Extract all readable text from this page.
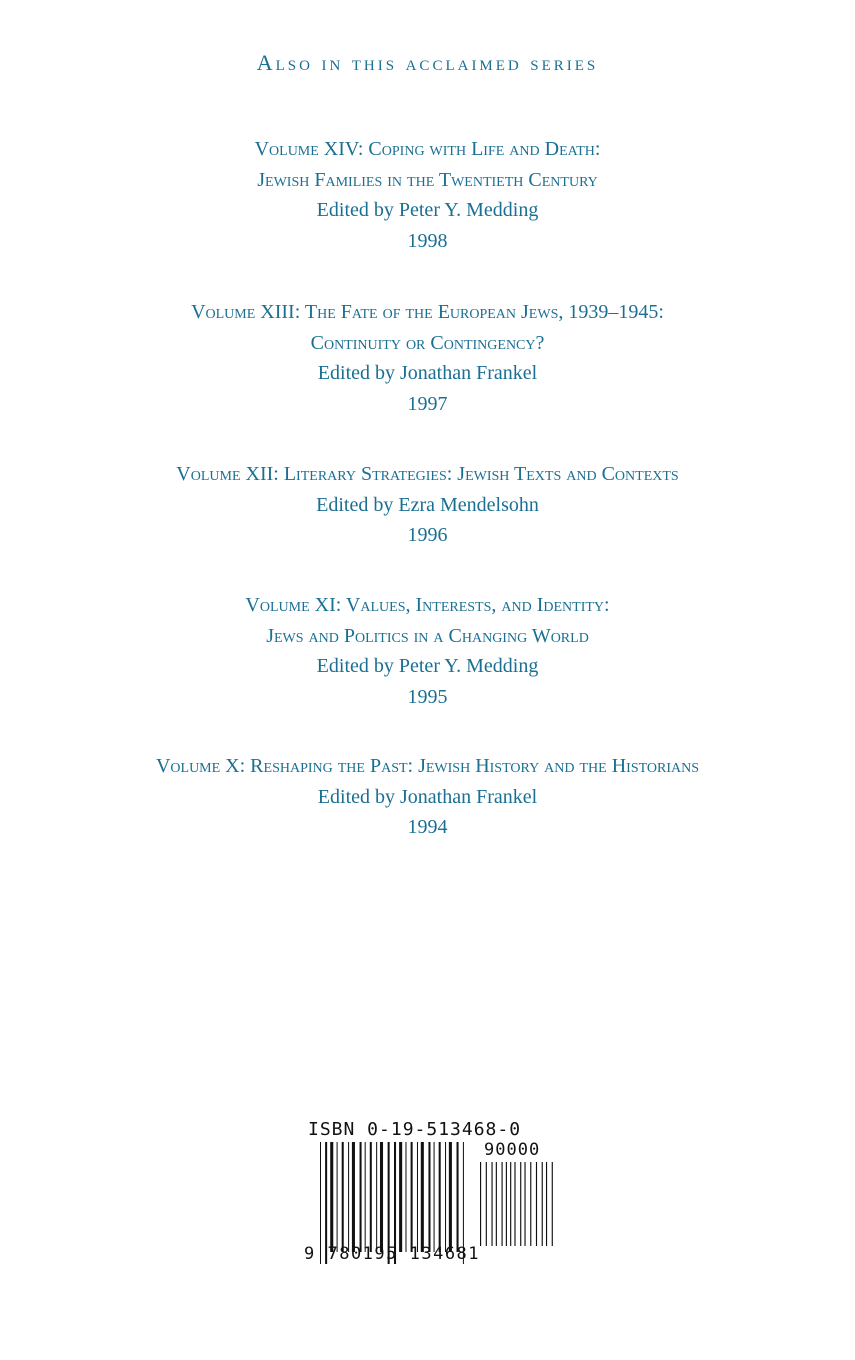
Also in this acclaimed series
Volume XIV: Coping with Life and Death:
Jewish Families in the Twentieth Century
Edited by Peter Y. Medding
1998
Volume XIII: The Fate of the European Jews, 1939–1945:
Continuity or Contingency?
Edited by Jonathan Frankel
1997
Volume XII: Literary Strategies: Jewish Texts and Contexts
Edited by Ezra Mendelsohn
1996
Volume XI: Values, Interests, and Identity:
Jews and Politics in a Changing World
Edited by Peter Y. Medding
1995
Volume X: Reshaping the Past: Jewish History and the Historians
Edited by Jonathan Frankel
1994
ISBN 0-19-513468-0
90000
9 780195 134681
